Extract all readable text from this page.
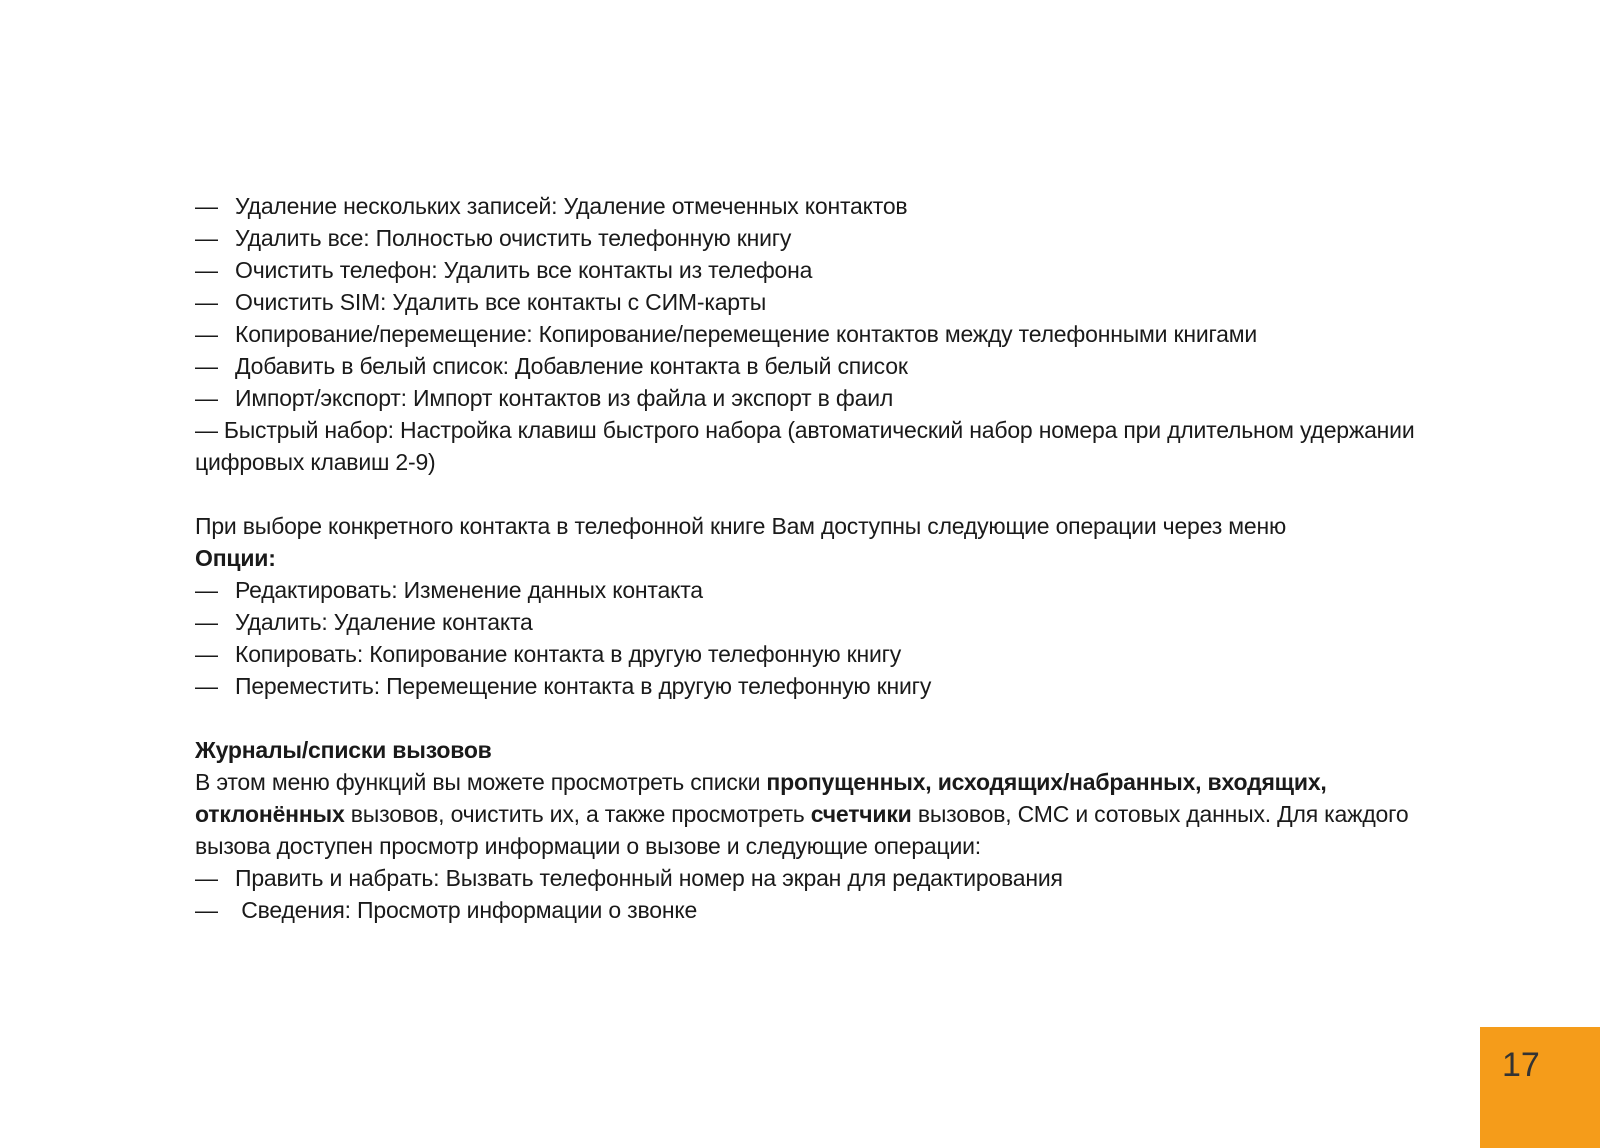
— Удаление нескольких записей: Удаление отмеченных контактов
— Удалить все: Полностью очистить телефонную книгу
— Очистить телефон: Удалить все контакты из телефона
— Очистить SIM: Удалить все контакты с СИМ-карты
— Копирование/перемещение: Копирование/перемещение контактов между телефонными книгами
— Добавить в белый список: Добавление контакта в белый список
— Импорт/экспорт: Импорт контактов из файла и экспорт в фаил
— Быстрый набор: Настройка клавиш быстрого набора (автоматический набор номера при длительном удержании цифровых клавиш 2-9)
При выборе конкретного контакта в телефонной книге Вам доступны следующие операции через меню
Опции:
— Редактировать: Изменение данных контакта
— Удалить: Удаление контакта
— Копировать: Копирование контакта в другую телефонную книгу
— Переместить: Перемещение контакта в другую телефонную книгу
Журналы/списки вызовов
В этом меню функций вы можете просмотреть списки пропущенных, исходящих/набранных, входящих, отклонённых вызовов, очистить их, а также просмотреть счетчики вызовов, СМС и сотовых данных. Для каждого вызова доступен просмотр информации о вызове и следующие операции:
— Править и набрать: Вызвать телефонный номер на экран для редактирования
— Сведения: Просмотр информации о звонке
17
